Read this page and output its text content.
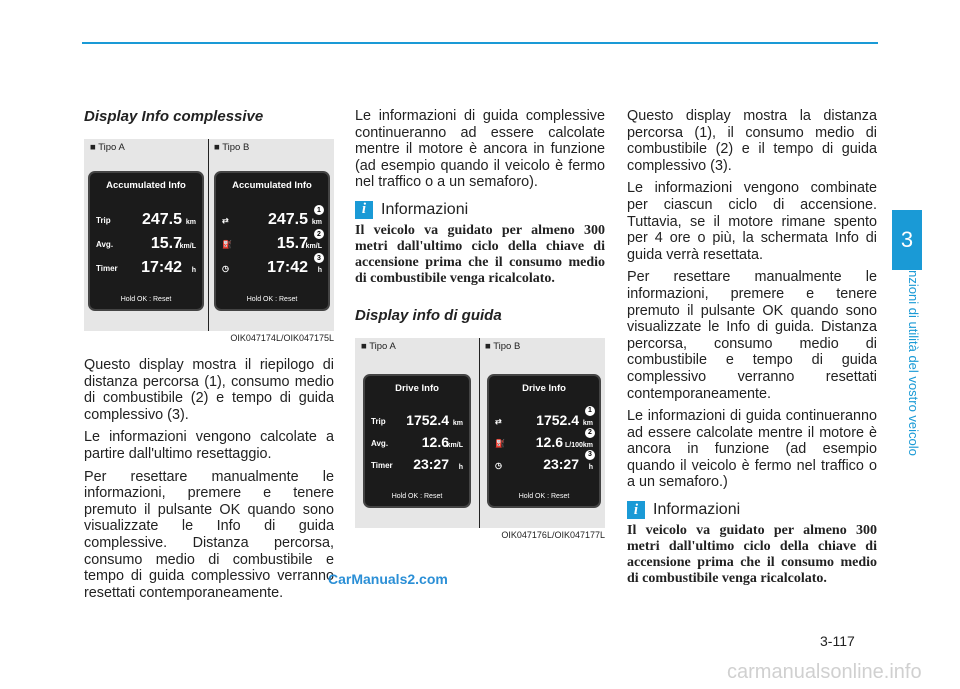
3
Funzioni di utilità del vostro veicolo
Display Info complessive
■ Tipo A	■ Tipo B
Accumulated Info
Trip 247.5 km
Avg. 15.7
km/L
Timer 17:42 h
Hold OK : Reset
Accumulated Info
⇄ 247.5 km
1
⛽	15.7
km/L
2
◷ 17:42 h
3
Hold OK : Reset
OIK047174L/OIK047175L

Questo display mostra il riepilogo di distanza percorsa (1), consumo medio di combustibile (2) e tempo di guida complessivo (3).

Le informazioni vengono calcolate a partire dall'ultimo resettaggio.

Per resettare manualmente le informazioni, premere e tenere premuto il pulsante OK quando sono visualizzate le Info di guida complessive. Distanza percorsa, consumo medio di combustibile e tempo di guida complessivo verranno resettati contemporaneamente.

Le informazioni di guida complessive continueranno ad essere calcolate mentre il motore è ancora in funzione (ad esempio quando il veicolo è fermo nel traffico o a un semaforo).

i Informazioni
Il veicolo va guidato per almeno 300 metri dall'ultimo ciclo della chiave di accensione prima che il consumo medio di combustibile venga ricalcolato.
Display info di guida
■ Tipo A	■ Tipo B
Drive Info
Trip 1752.4 km
Avg. 12.6
km/L
Timer 23:27 h
Hold OK : Reset
Drive Info
⇄ 1752.4 km
1
⛽ 12.6 L/100km
2
◷	23:27 h
3
Hold OK : Reset
OIK047176L/OIK047177L

Questo display mostra la distanza percorsa (1), il consumo medio di combustibile (2) e il tempo di guida complessivo (3).

Le informazioni vengono combinate per ciascun ciclo di accensione. Tuttavia, se il motore rimane spento per 4 ore o più, la schermata Info di guida verrà resettata.

Per resettare manualmente le informazioni, premere e tenere premuto il pulsante OK quando sono visualizzate le Info di guida. Distanza percorsa, consumo medio di combustibile e tempo di guida complessivo verranno resettati contemporaneamente.

Le informazioni di guida continueranno ad essere calcolate mentre il motore è ancora in funzione (ad esempio quando il veicolo è fermo nel traffico o a un semaforo.)

i Informazioni
Il veicolo va guidato per almeno 300 metri dall'ultimo ciclo della chiave di accensione prima che il consumo medio di combustibile venga ricalcolato.
3-117
CarManuals2.com
carmanualsonline.info
